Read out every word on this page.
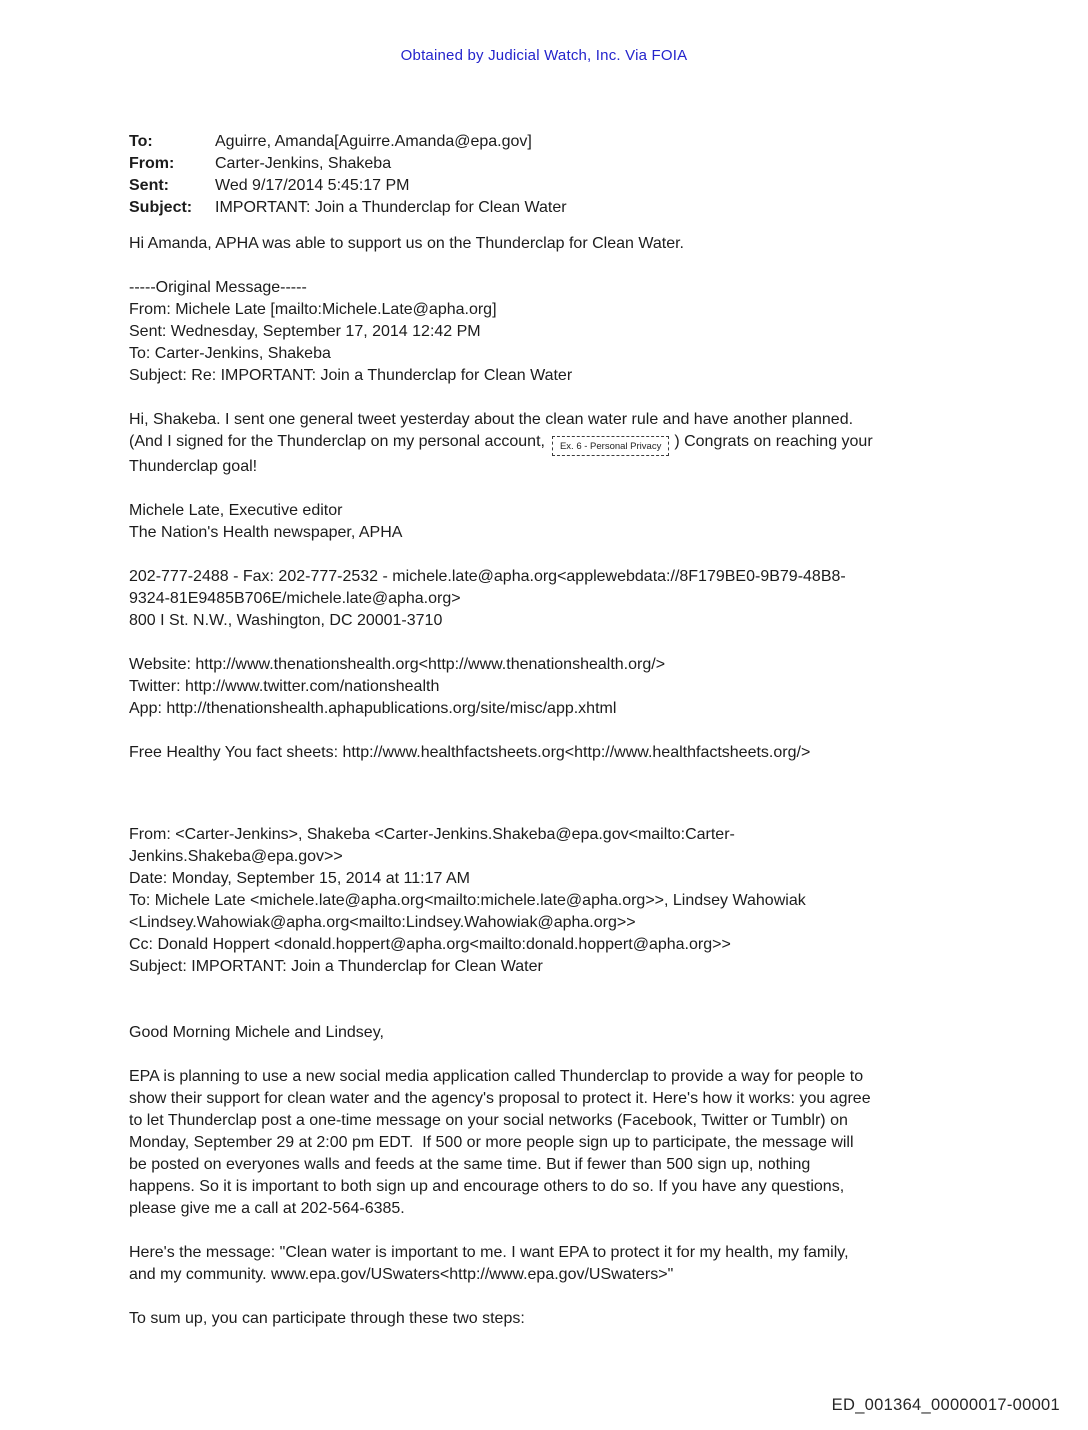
Obtained by Judicial Watch, Inc. Via FOIA
To:	Aguirre, Amanda[Aguirre.Amanda@epa.gov]
From:	Carter-Jenkins, Shakeba
Sent:	Wed 9/17/2014 5:45:17 PM
Subject:	IMPORTANT: Join a Thunderclap for Clean Water
Hi Amanda, APHA was able to support us on the Thunderclap for Clean Water.
-----Original Message-----
From: Michele Late [mailto:Michele.Late@apha.org]
Sent: Wednesday, September 17, 2014 12:42 PM
To: Carter-Jenkins, Shakeba
Subject: Re: IMPORTANT: Join a Thunderclap for Clean Water
Hi, Shakeba. I sent one general tweet yesterday about the clean water rule and have another planned.
(And I signed for the Thunderclap on my personal account, Ex. 6 - Personal Privacy ) Congrats on reaching your
Thunderclap goal!
Michele Late, Executive editor
The Nation's Health newspaper, APHA
202-777-2488 - Fax: 202-777-2532 - michele.late@apha.org<applewebdata://8F179BE0-9B79-48B8-
9324-81E9485B706E/michele.late@apha.org>
800 I St. N.W., Washington, DC 20001-3710
Website: http://www.thenationshealth.org<http://www.thenationshealth.org/>
Twitter: http://www.twitter.com/nationshealth
App: http://thenationshealth.aphapublications.org/site/misc/app.xhtml
Free Healthy You fact sheets: http://www.healthfactsheets.org<http://www.healthfactsheets.org/>
From: <Carter-Jenkins>, Shakeba <Carter-Jenkins.Shakeba@epa.gov<mailto:Carter-
Jenkins.Shakeba@epa.gov>>
Date: Monday, September 15, 2014 at 11:17 AM
To: Michele Late <michele.late@apha.org<mailto:michele.late@apha.org>>, Lindsey Wahowiak
<Lindsey.Wahowiak@apha.org<mailto:Lindsey.Wahowiak@apha.org>>
Cc: Donald Hoppert <donald.hoppert@apha.org<mailto:donald.hoppert@apha.org>>
Subject: IMPORTANT: Join a Thunderclap for Clean Water
Good Morning Michele and Lindsey,
EPA is planning to use a new social media application called Thunderclap to provide a way for people to
show their support for clean water and the agency's proposal to protect it. Here's how it works: you agree
to let Thunderclap post a one-time message on your social networks (Facebook, Twitter or Tumblr) on
Monday, September 29 at 2:00 pm EDT.  If 500 or more people sign up to participate, the message will
be posted on everyones walls and feeds at the same time. But if fewer than 500 sign up, nothing
happens. So it is important to both sign up and encourage others to do so. If you have any questions,
please give me a call at 202-564-6385.
Here's the message: "Clean water is important to me. I want EPA to protect it for my health, my family,
and my community. www.epa.gov/USwaters<http://www.epa.gov/USwaters>"
To sum up, you can participate through these two steps:
ED_001364_00000017-00001
